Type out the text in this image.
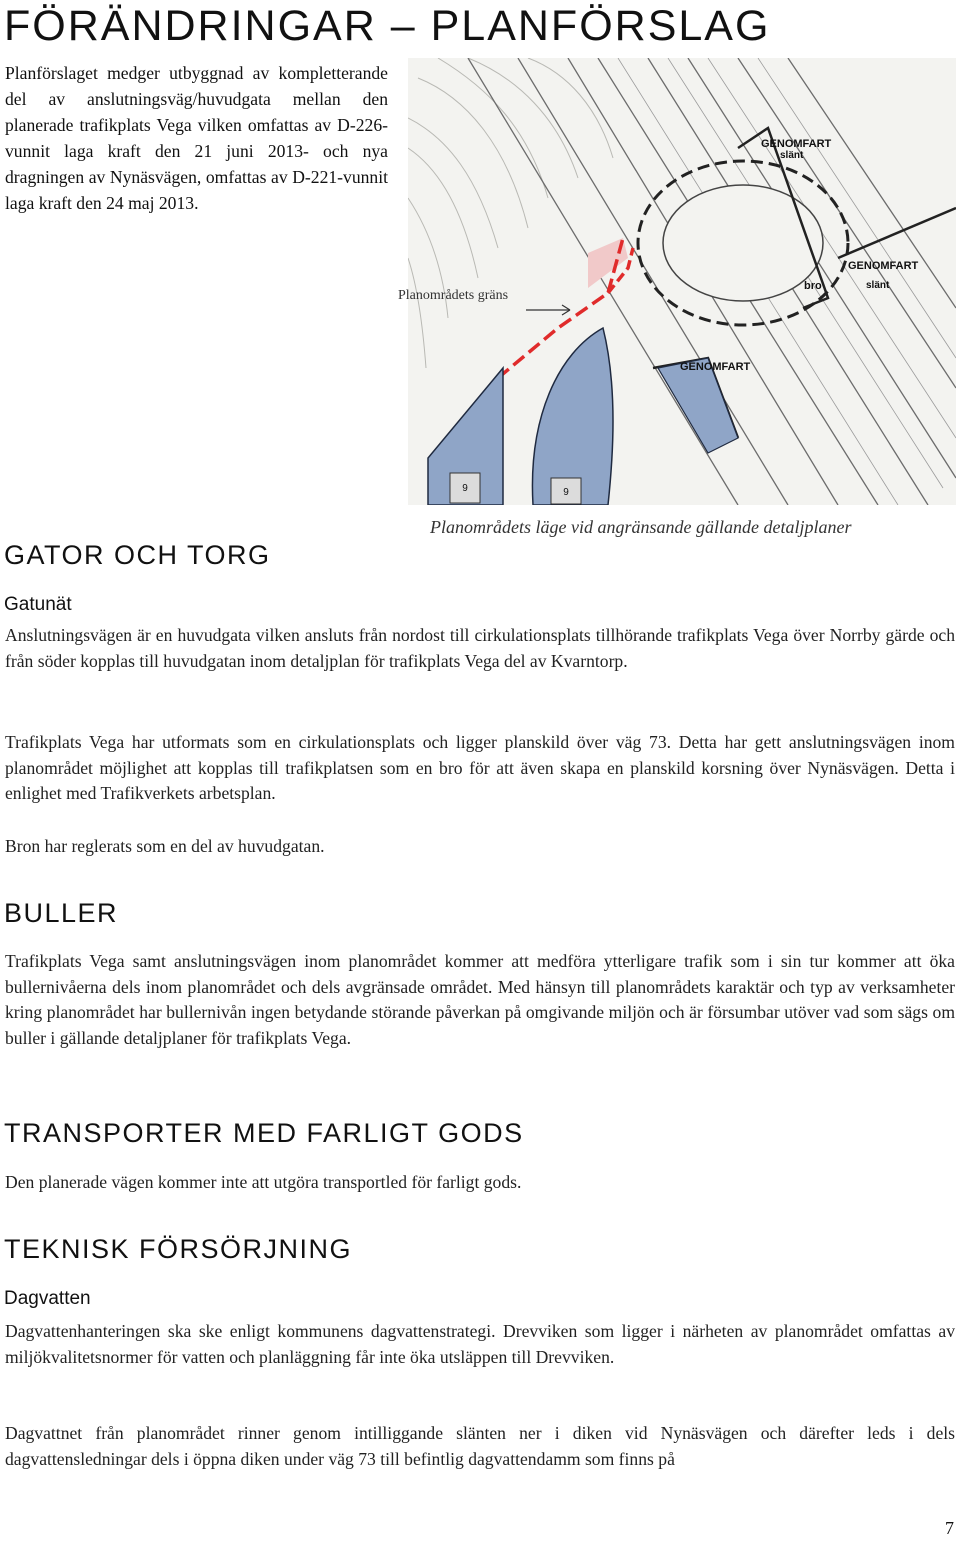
FÖRÄNDRINGAR – PLANFÖRSLAG

Planförslaget medger utbyggnad av kompletterande del av anslutningsväg/huvudgata mellan den planerade trafikplats Vega vilken omfattas av D-226-vunnit laga kraft den 21 juni 2013- och nya dragningen av Nynäsvägen, omfattas av D-221-vunnit laga kraft den 24 maj 2013.

9	9
GENOMFART
slänt
GENOMFART
slänt
bro
GENOMFART
Planområdets gräns
Planområdets läge vid angränsande gällande detaljplaner
GATOR OCH TORG
Gatunät

Anslutningsvägen är en huvudgata vilken ansluts från nordost till cirkulationsplats tillhörande trafikplats Vega över Norrby gärde och från söder kopplas till huvudgatan inom detaljplan för trafikplats Vega del av Kvarntorp.

Trafikplats Vega har utformats som en cirkulationsplats och ligger planskild över väg 73. Detta har gett anslutningsvägen inom planområdet möjlighet att kopplas till trafikplatsen som en bro för att även skapa en planskild korsning över Nynäsvägen. Detta i enlighet med Trafikverkets arbetsplan.

Bron har reglerats som en del av huvudgatan.

BULLER

Trafikplats Vega samt anslutningsvägen inom planområdet kommer att medföra ytterligare trafik som i sin tur kommer att öka bullernivåerna dels inom planområdet och dels avgränsade området. Med hänsyn till planområdets karaktär och typ av verksamheter kring planområdet har bullernivån ingen betydande störande påverkan på omgivande miljön och är försumbar utöver vad som sägs om buller i gällande detaljplaner för trafikplats Vega.

TRANSPORTER MED FARLIGT GODS

Den planerade vägen kommer inte att utgöra transportled för farligt gods.

TEKNISK FÖRSÖRJNING
Dagvatten

Dagvattenhanteringen ska ske enligt kommunens dagvattenstrategi. Drevviken som ligger i närheten av planområdet omfattas av miljökvalitetsnormer för vatten och planläggning får inte öka utsläppen till Drevviken.

Dagvattnet från planområdet rinner genom intilliggande slänten ner i diken vid Nynäsvägen och därefter leds i dels dagvattensledningar dels i öppna diken under väg 73 till befintlig dagvattendamm som finns på

7
